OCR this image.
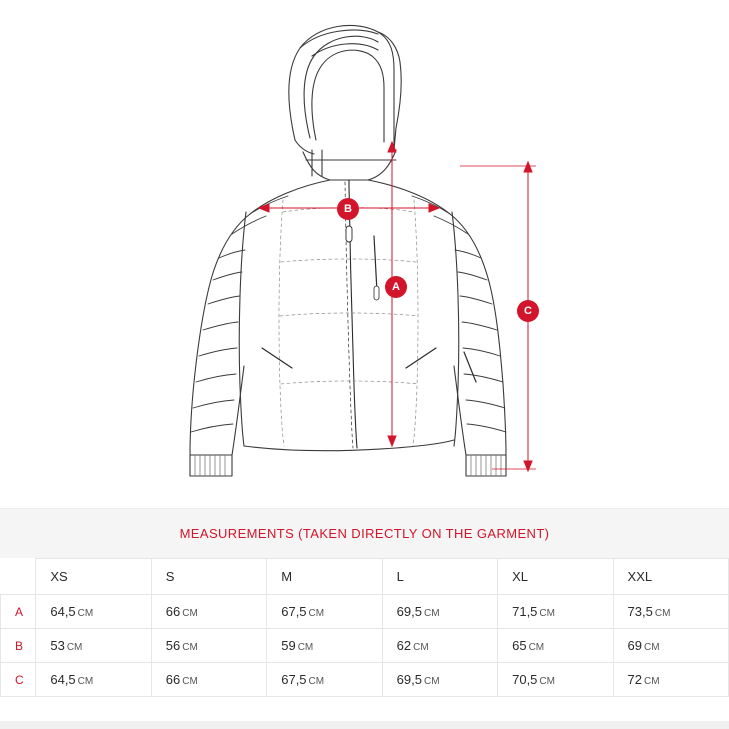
A
B
C
MEASUREMENTS (TAKEN DIRECTLY ON THE GARMENT)
	XS	S	M	L	XL	XXL
A	64,5 CM	66 CM	67,5 CM	69,5 CM	71,5 CM	73,5 CM
B	53 CM	56 CM	59 CM	62 CM	65 CM	69 CM
C	64,5 CM	66 CM	67,5 CM	69,5 CM	70,5 CM	72 CM
